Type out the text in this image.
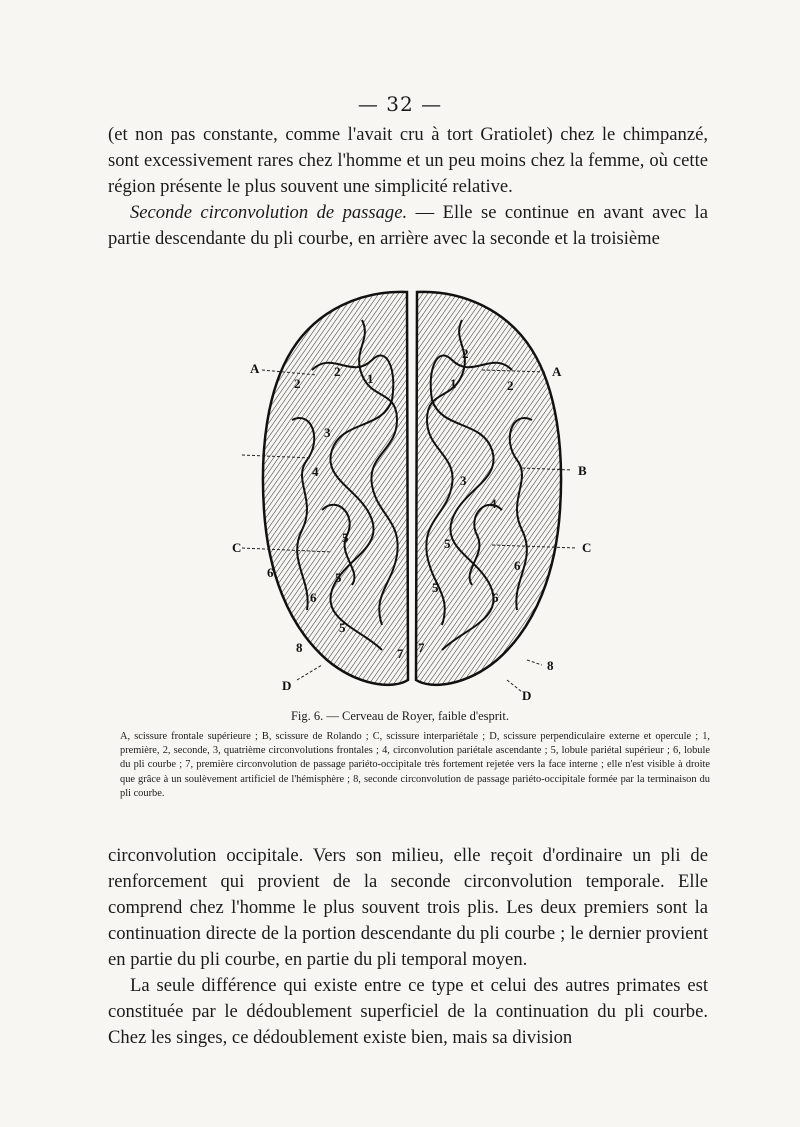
— 32 —

(et non pas constante, comme l'avait cru à tort Gratiolet) chez le chimpanzé, sont excessivement rares chez l'homme et un peu moins chez la femme, où cette région présente le plus souvent une simplicité relative.

Seconde circonvolution de passage. — Elle se continue en avant avec la partie descendante du pli courbe, en arrière avec la seconde et la troisième

A	A
B
C	C
D
D
2
2	1
2
2
1
3
3
4
4
5
5
5
5
5
6
6
6
6
7 7
8
8
Fig. 6. — Cerveau de Royer, faible d'esprit.
A, scissure frontale supérieure ; B, scissure de Rolando ; C, scissure interpariétale ; D, scissure perpendiculaire externe et opercule ; 1, première, 2, seconde, 3, quatrième circonvolutions frontales ; 4, circonvolution pariétale ascendante ; 5, lobule pariétal supérieur ; 6, lobule du pli courbe ; 7, première circonvolution de passage pariéto-occipitale très fortement rejetée vers la face interne ; elle n'est visible à droite que grâce à un soulèvement artificiel de l'hémisphère ; 8, seconde circonvolution de passage pariéto-occipitale formée par la terminaison du pli courbe.

circonvolution occipitale. Vers son milieu, elle reçoit d'ordinaire un pli de renforcement qui provient de la seconde circonvolution temporale. Elle comprend chez l'homme le plus souvent trois plis. Les deux premiers sont la continuation directe de la portion descendante du pli courbe ; le dernier provient en partie du pli courbe, en partie du pli temporal moyen.

La seule différence qui existe entre ce type et celui des autres primates est constituée par le dédoublement superficiel de la continuation du pli courbe. Chez les singes, ce dédoublement existe bien, mais sa division
